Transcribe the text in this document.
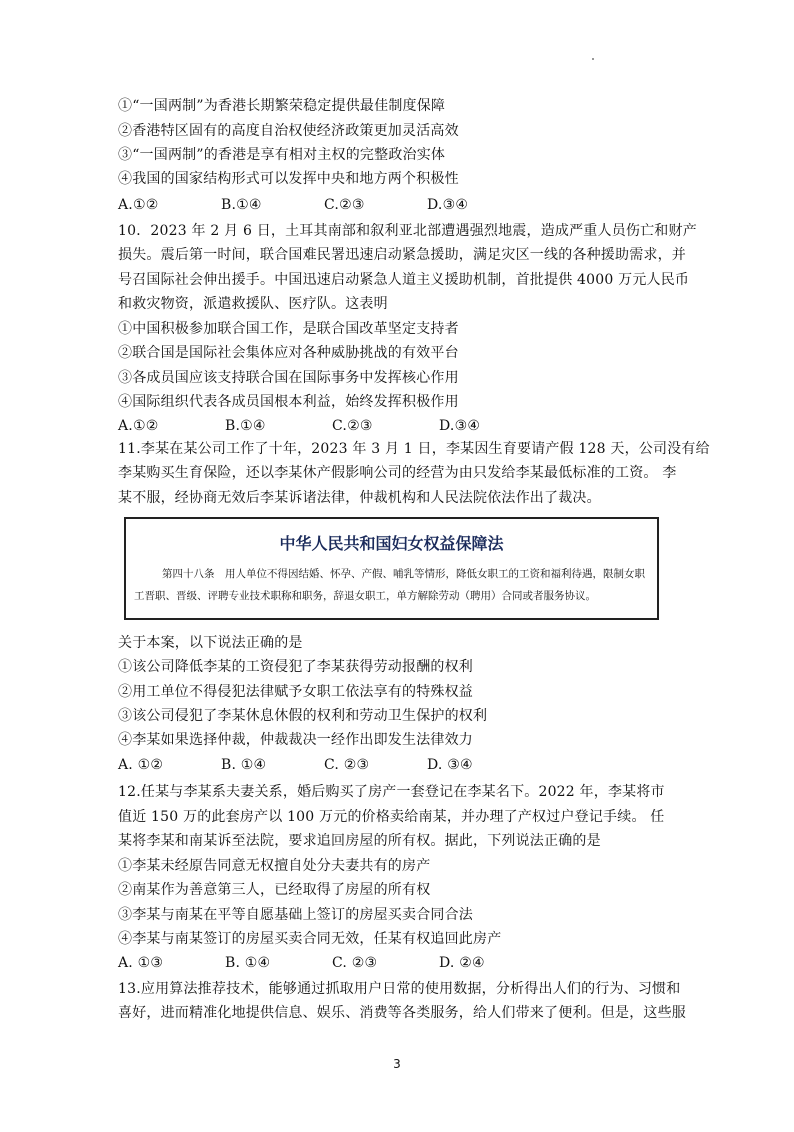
①“一国两制”为香港长期繁荣稳定提供最佳制度保障
②香港特区固有的高度自治权使经济政策更加灵活高效
③“一国两制”的香港是享有相对主权的完整政治实体
④我国的国家结构形式可以发挥中央和地方两个积极性
A.①②	B.①④	C.②③	D.③④
10．2023 年 2 月 6 日，土耳其南部和叙利亚北部遭遇强烈地震，造成严重人员伤亡和财产
损失。震后第一时间，联合国难民署迅速启动紧急援助，满足灾区一线的各种援助需求，并
号召国际社会伸出援手。中国迅速启动紧急人道主义援助机制，首批提供 4000 万元人民币
和救灾物资，派遣救援队、医疗队。这表明
①中国积极参加联合国工作，是联合国改革坚定支持者
②联合国是国际社会集体应对各种威胁挑战的有效平台
③各成员国应该支持联合国在国际事务中发挥核心作用
④国际组织代表各成员国根本利益，始终发挥积极作用
A.①②	B.①④	C.②③	D.③④
11.李某在某公司工作了十年，2023 年 3 月 1 日，李某因生育要请产假 128 天，公司没有给
李某购买生育保险，还以李某休产假影响公司的经营为由只发给李某最低标准的工资。 李
某不服，经协商无效后李某诉诸法律，仲裁机构和人民法院依法作出了裁决。
中华人民共和国妇女权益保障法
第四十八条　用人单位不得因结婚、怀孕、产假、哺乳等情形，降低女职工的工资和福利待遇，限制女职工晋职、晋级、评聘专业技术职称和职务，辞退女职工，单方解除劳动（聘用）合同或者服务协议。
关于本案，以下说法正确的是
①该公司降低李某的工资侵犯了李某获得劳动报酬的权利
②用工单位不得侵犯法律赋予女职工依法享有的特殊权益
③该公司侵犯了李某休息休假的权利和劳动卫生保护的权利
④李某如果选择仲裁，仲裁裁决一经作出即发生法律效力
A. ①②	B. ①④	C. ②③	D. ③④
12.任某与李某系夫妻关系，婚后购买了房产一套登记在李某名下。2022 年，李某将市
值近 150 万的此套房产以 100 万元的价格卖给南某，并办理了产权过户登记手续。 任
某将李某和南某诉至法院，要求追回房屋的所有权。据此，下列说法正确的是
①李某未经原告同意无权擅自处分夫妻共有的房产
②南某作为善意第三人，已经取得了房屋的所有权
③李某与南某在平等自愿基础上签订的房屋买卖合同合法
④李某与南某签订的房屋买卖合同无效，任某有权追回此房产
A. ①③	B. ①④	C. ②③	D. ②④
13.应用算法推荐技术，能够通过抓取用户日常的使用数据，分析得出人们的行为、习惯和
喜好，进而精准化地提供信息、娱乐、消费等各类服务，给人们带来了便利。但是，这些服
3
